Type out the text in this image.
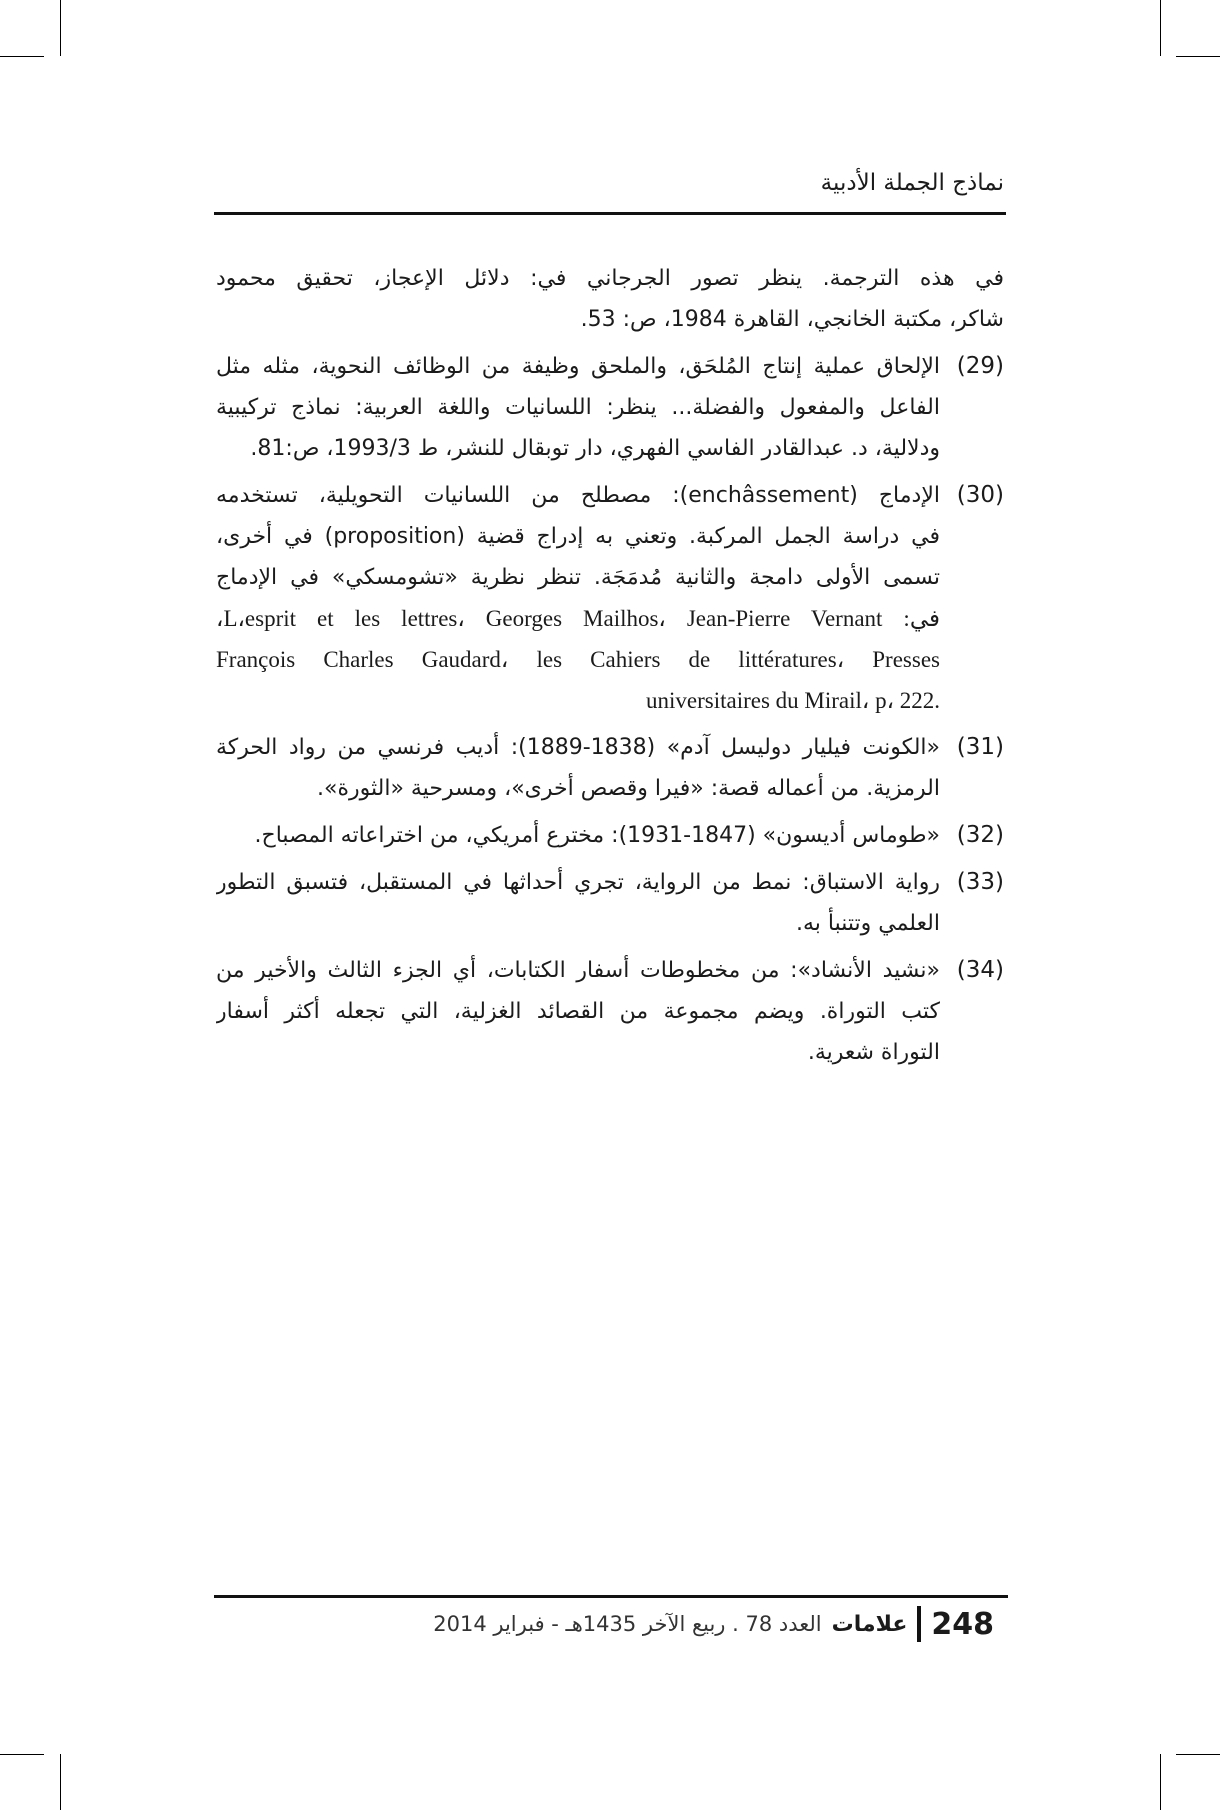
نماذج الجملة الأدبية
في هذه الترجمة. ينظر تصور الجرجاني في: دلائل الإعجاز، تحقيق محمود
شاكر، مكتبة الخانجي، القاهرة 1984، ص: 53.
(29)
الإلحاق عملية إنتاج المُلحَق، والملحق وظيفة من الوظائف النحوية، مثله مثل
الفاعل والمفعول والفضلة... ينظر: اللسانيات واللغة العربية: نماذج تركيبية
ودلالية، د. عبدالقادر الفاسي الفهري، دار توبقال للنشر، ط 1993/3، ص:81.
(30)
الإدماج (enchâssement): مصطلح من اللسانيات التحويلية، تستخدمه
في دراسة الجمل المركبة. وتعني به إدراج قضية (proposition) في أخرى،
تسمى الأولى دامجة والثانية مُدمَجَة. تنظر نظرية «تشومسكي» في الإدماج
في: L،esprit et les lettres، Georges Mailhos، Jean-Pierre Vernant،
François Charles Gaudard، les Cahiers de littératures، Presses
.universitaires du Mirail، p، 222
(31)
«الكونت فيليار دوليسل آدم» (1838-1889): أديب فرنسي من رواد الحركة
الرمزية. من أعماله قصة: «فيرا وقصص أخرى»، ومسرحية «الثورة».
(32)
«طوماس أديسون» (1847-1931): مخترع أمريكي، من اختراعاته المصباح.
(33)
رواية الاستباق: نمط من الرواية، تجري أحداثها في المستقبل، فتسبق التطور
العلمي وتتنبأ به.
(34)
«نشيد الأنشاد»: من مخطوطات أسفار الكتابات، أي الجزء الثالث والأخير من
كتب التوراة. ويضم مجموعة من القصائد الغزلية، التي تجعله أكثر أسفار
التوراة شعرية.
248
علامات
العدد 78 . ربيع الآخر 1435هـ - فبراير 2014
